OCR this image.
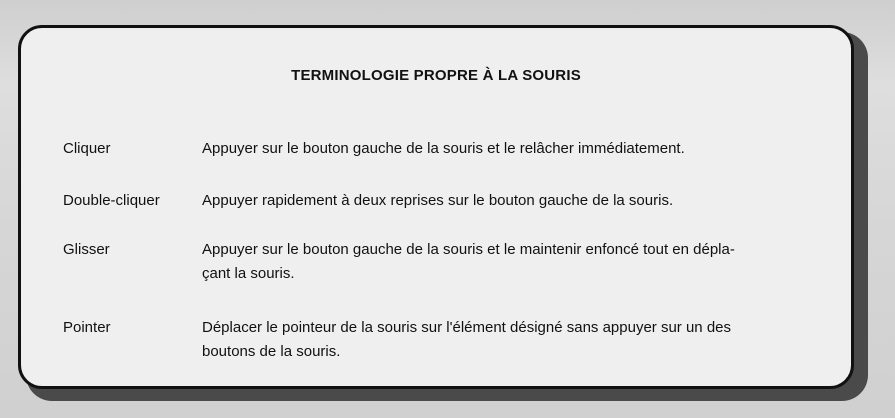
TERMINOLOGIE PROPRE À LA SOURIS
Cliquer	Appuyer sur le bouton gauche de la souris et le relâcher immédiatement.
Double-cliquer	Appuyer rapidement à deux reprises sur le bouton gauche de la souris.
Glisser	Appuyer sur le bouton gauche de la souris et le maintenir enfoncé tout en dépla-
çant la souris.
Pointer	Déplacer le pointeur de la souris sur l'élément désigné sans appuyer sur un des
boutons de la souris.
